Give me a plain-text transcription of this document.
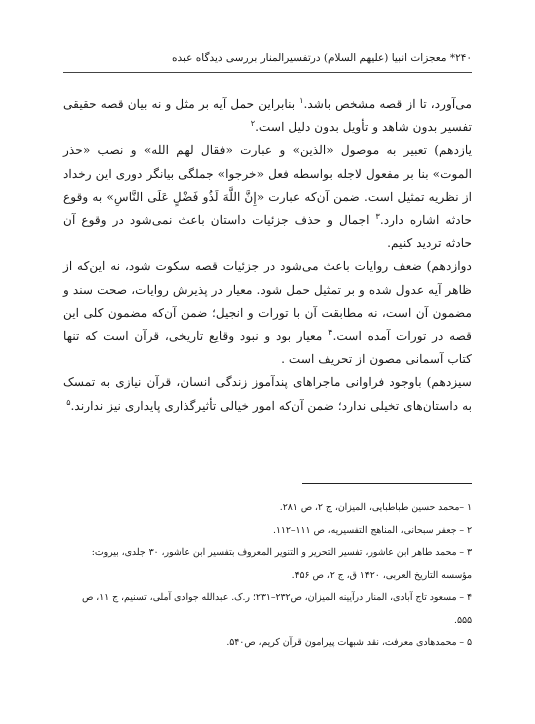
۲۴۰* معجزات انبیا (علیهم السلام) درتفسیرالمنار بررسی دیدگاه عبده

می‌آورد، تا از قصه مشخص باشد.$^۱$ بنابراین حمل آیه بر مثل و نه بیان قصه حقیقی تفسیر بدون شاهد و تأویل بدون دلیل است.$^۲$

یازدهم) تعبیر به موصول «الذین» و عبارت «فقال لهم الله» و نصب «حذر الموت» بنا بر مفعول لاجله بواسطه فعل «خرجوا» جملگی بیانگر دوری این رخداد از نظریه تمثیل است. ضمن آن‌که عبارت «إِنَّ اللَّهَ لَذُو فَضْلٍ عَلَى النَّاسِ» به وقوع حادثه اشاره دارد.$^۳$ اجمال و حذف جزئیات داستان باعث نمی‌شود در وقوع آن حادثه تردید کنیم.

دوازدهم) ضعف روایات باعث می‌شود در جزئیات قصه سکوت شود، نه این‌که از ظاهر آیه عدول شده و بر تمثیل حمل شود. معیار در پذیرش روایات، صحت سند و مضمون آن است، نه مطابقت آن با تورات و انجیل؛ ضمن آن‌که مضمون کلی این قصه در تورات آمده است.$^۴$ معیار بود و نبود وقایع تاریخی، قرآن است که تنها کتاب آسمانی مصون از تحریف است .

سیزدهم) باوجود فراوانی ماجراهای پندآموز زندگی انسان، قرآن نیازی به تمسک به داستان‌های تخیلی ندارد؛ ضمن آن‌که امور خیالی تأثیرگذاری پایداری نیز ندارند.$^۵$

۱ –محمد حسین طباطبایی، المیزان، ج ۲، ص ۲۸۱.
۲ – جعفر سبحانی، المناهج التفسیریه، ص ۱۱۱–۱۱۲.
۳ – محمد طاهر ابن عاشور، تفسیر التحریر و التنویر المعروف بتفسیر ابن عاشور، ۳۰ جلدی، بیروت: مؤسسه التاریخ العربی، ۱۴۲۰ ق، ج ۲، ص ۴۵۶.
۴ – مسعود تاج آبادی، المنار درآیینه المیزان، ص۲۳۲–۲۳۱؛ ر.ک. عبدالله جوادی آملی، تسنیم، ج ۱۱، ص ۵۵۵.
۵ – محمدهادی معرفت، نقد شبهات پیرامون قرآن کریم، ص۵۴۰.
